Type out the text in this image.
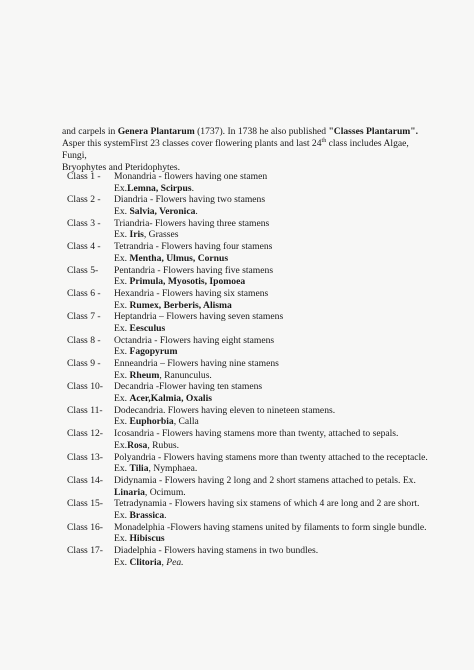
and carpels in Genera Plantarum (1737). In 1738 he also published "Classes Plantarum".

Asper this systemFirst 23 classes cover flowering plants and last 24th class includes Algae, Fungi,

Bryophytes and Pteridophytes.

Class 1 -	Monandria - flowers having one stamen
Ex.Lemna, Scirpus.
Class 2 -	Diandria - Flowers having two stamens
Ex. Salvia, Veronica.
Class 3 -	Triandria- Flowers having three stamens
Ex. Iris, Grasses
Class 4 -	Tetrandria - Flowers having four stamens
Ex. Mentha, Ulmus, Cornus
Class 5-	Pentandria - Flowers having five stamens
Ex. Primula, Myosotis, Ipomoea
Class 6 -	Hexandria - Flowers having six stamens
Ex. Rumex, Berberis, Alisma
Class 7 -	Heptandria – Flowers having seven stamens
Ex. Eesculus
Class 8 -	Octandria - Flowers having eight stamens
Ex. Fagopyrum
Class 9 -	Enneandria – Flowers having nine stamens
Ex. Rheum, Ranunculus.
Class 10-	Decandria -Flower having ten stamens
Ex. Acer,Kalmia, Oxalis
Class 11-	Dodecandria. Flowers having eleven to nineteen stamens.
Ex. Euphorbia, Calla
Class 12-	Icosandria - Flowers having stamens more than twenty, attached to sepals.
Ex.Rosa, Rubus.
Class 13-	Polyandria - Flowers having stamens more than twenty attached to the receptacle.
Ex. Tilia, Nymphaea.
Class 14-	Didynamia - Flowers having 2 long and 2 short stamens attached to petals. Ex.
Linaria, Ocimum.
Class 15-	Tetradynamia - Flowers having six stamens of which 4 are long and 2 are short.
Ex. Brassica.
Class 16-	Monadelphia -Flowers having stamens united by filaments to form single bundle.
Ex. Hibiscus
Class 17-	Diadelphia - Flowers having stamens in two bundles.
Ex. Clitoria, Pea.
